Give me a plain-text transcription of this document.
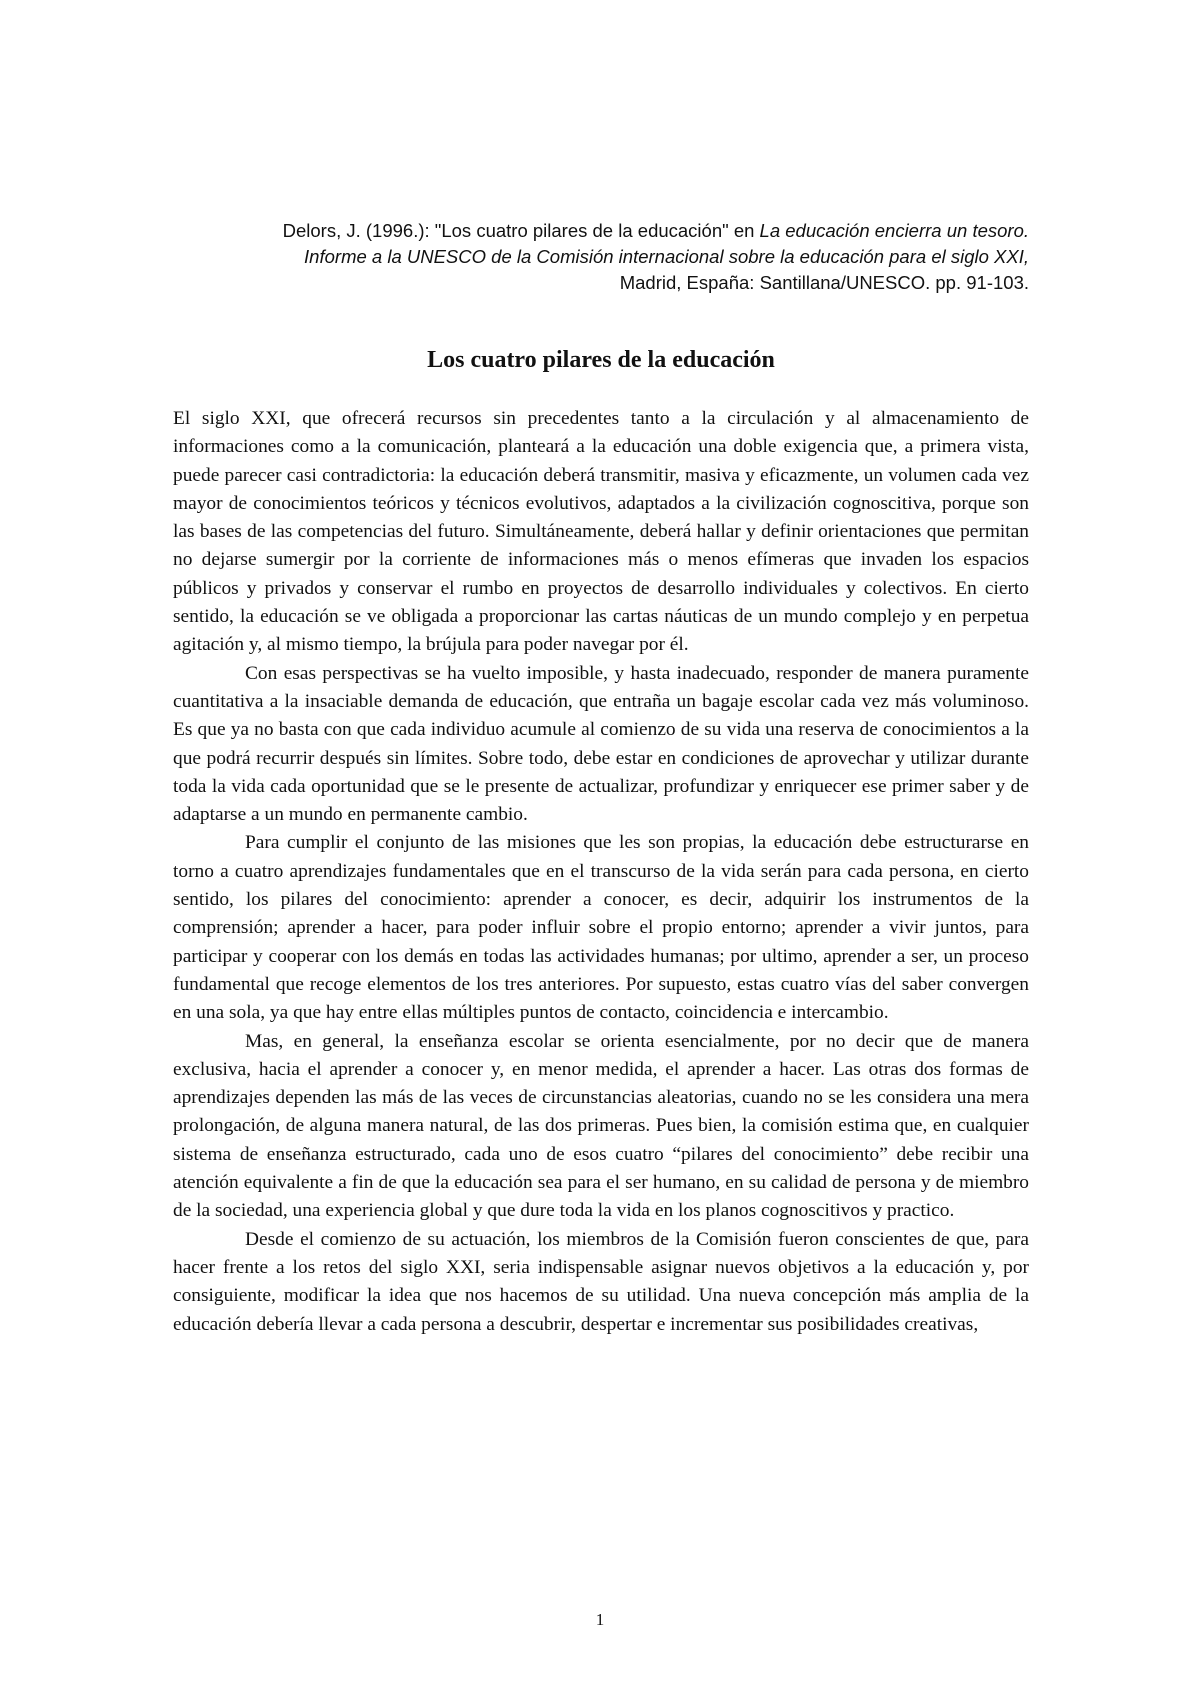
Delors, J. (1996.): "Los cuatro pilares de la educación" en La educación encierra un tesoro.
Informe a la UNESCO de la Comisión internacional sobre la educación para el siglo XXI,
Madrid, España: Santillana/UNESCO. pp. 91-103.
Los cuatro pilares de la educación

El siglo XXI, que ofrecerá recursos sin precedentes tanto a la circulación y al almacenamiento de informaciones como a la comunicación, planteará a la educación una doble exigencia que, a primera vista, puede parecer casi contradictoria: la educación deberá transmitir, masiva y eficazmente, un volumen cada vez mayor de conocimientos teóricos y técnicos evolutivos, adaptados a la civilización cognoscitiva, porque son las bases de las competencias del futuro. Simultáneamente, deberá hallar y definir orientaciones que permitan no dejarse sumergir por la corriente de informaciones más o menos efímeras que invaden los espacios públicos y privados y conservar el rumbo en proyectos de desarrollo individuales y colectivos. En cierto sentido, la educación se ve obligada a proporcionar las cartas náuticas de un mundo complejo y en perpetua agitación y, al mismo tiempo, la brújula para poder navegar por él.

Con esas perspectivas se ha vuelto imposible, y hasta inadecuado, responder de manera puramente cuantitativa a la insaciable demanda de educación, que entraña un bagaje escolar cada vez más voluminoso. Es que ya no basta con que cada individuo acumule al comienzo de su vida una reserva de conocimientos a la que podrá recurrir después sin límites. Sobre todo, debe estar en condiciones de aprovechar y utilizar durante toda la vida cada oportunidad que se le presente de actualizar, profundizar y enriquecer ese primer saber y de adaptarse a un mundo en permanente cambio.

Para cumplir el conjunto de las misiones que les son propias, la educación debe estructurarse en torno a cuatro aprendizajes fundamentales que en el transcurso de la vida serán para cada persona, en cierto sentido, los pilares del conocimiento: aprender a conocer, es decir, adquirir los instrumentos de la comprensión; aprender a hacer, para poder influir sobre el propio entorno; aprender a vivir juntos, para participar y cooperar con los demás en todas las actividades humanas; por ultimo, aprender a ser, un proceso fundamental que recoge elementos de los tres anteriores. Por supuesto, estas cuatro vías del saber convergen en una sola, ya que hay entre ellas múltiples puntos de contacto, coincidencia e intercambio.

Mas, en general, la enseñanza escolar se orienta esencialmente, por no decir que de manera exclusiva, hacia el aprender a conocer y, en menor medida, el aprender a hacer. Las otras dos formas de aprendizajes dependen las más de las veces de circunstancias aleatorias, cuando no se les considera una mera prolongación, de alguna manera natural, de las dos primeras. Pues bien, la comisión estima que, en cualquier sistema de enseñanza estructurado, cada uno de esos cuatro “pilares del conocimiento” debe recibir una atención equivalente a fin de que la educación sea para el ser humano, en su calidad de persona y de miembro de la sociedad, una experiencia global y que dure toda la vida en los planos cognoscitivos y practico.

Desde el comienzo de su actuación, los miembros de la Comisión fueron conscientes de que, para hacer frente a los retos del siglo XXI, seria indispensable asignar nuevos objetivos a la educación y, por consiguiente, modificar la idea que nos hacemos de su utilidad. Una nueva concepción más amplia de la educación debería llevar a cada persona a descubrir, despertar e incrementar sus posibilidades creativas,

1
